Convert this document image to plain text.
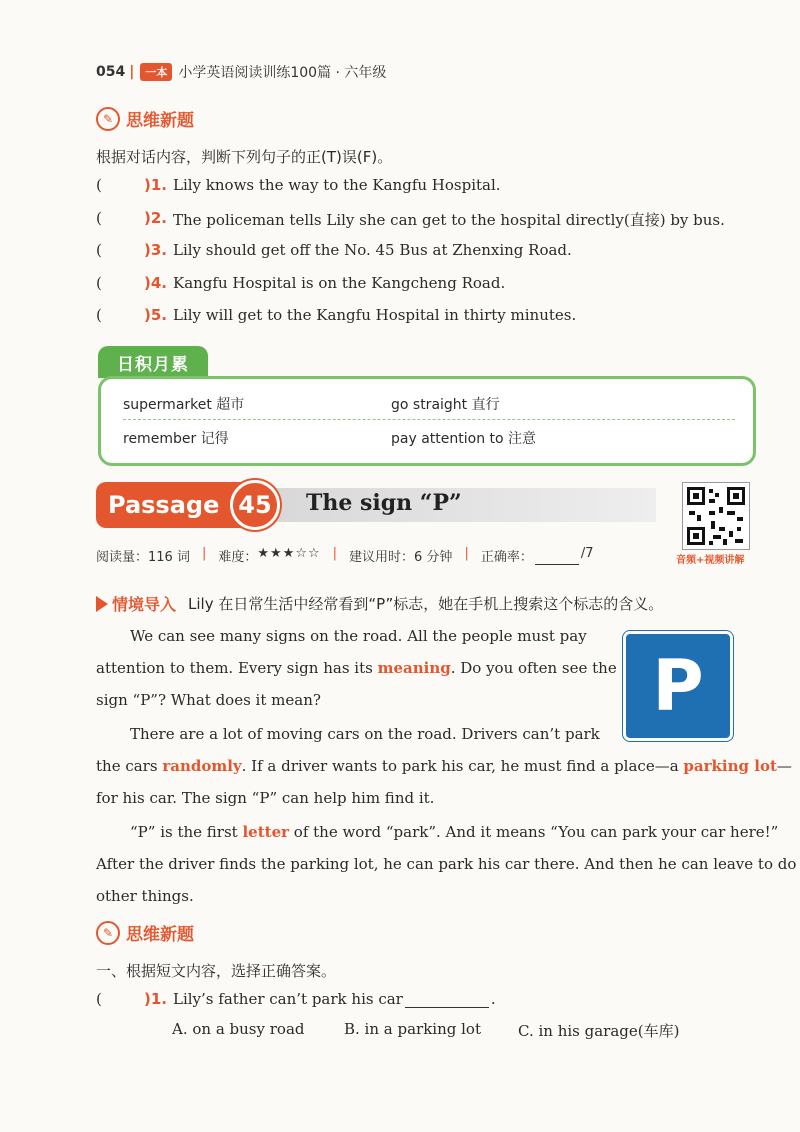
054 |	一本 小学英语阅读训练100篇 · 六年级
✎ 思维新题
根据对话内容，判断下列句子的正(T)误(F)。
(	)1. Lily knows the way to the Kangfu Hospital.
(	)2. The policeman tells Lily she can get to the hospital directly(直接) by bus.
(	)3. Lily should get off the No. 45 Bus at Zhenxing Road.
(	)4. Kangfu Hospital is on the Kangcheng Road.
(	)5. Lily will get to the Kangfu Hospital in thirty minutes.
日积月累
supermarket 超市	go straight 直行
remember 记得	pay attention to 注意
Passage 45	The sign “P”
音频+视频讲解
阅读量：116 词 | 难度： ★★★☆☆ | 建议用时：6 分钟 | 正确率：	/7
情境导入 Lily 在日常生活中经常看到“P”标志，她在手机上搜索这个标志的含义。
P
We can see many signs on the road. All the people must pay
attention to them. Every sign has its meaning. Do you often see the
sign “P”? What does it mean?
There are a lot of moving cars on the road. Drivers can’t park
the cars randomly. If a driver wants to park his car, he must find a place—a parking lot—
for his car. The sign “P” can help him find it.
“P” is the first letter of the word “park”. And it means “You can park your car here!”
After the driver finds the parking lot, he can park his car there. And then he can leave to do
other things.
✎ 思维新题
一、根据短文内容，选择正确答案。
(	)1. Lily’s father can’t park his car	.
A. on a busy road	B. in a parking lot	C. in his garage(车库)
